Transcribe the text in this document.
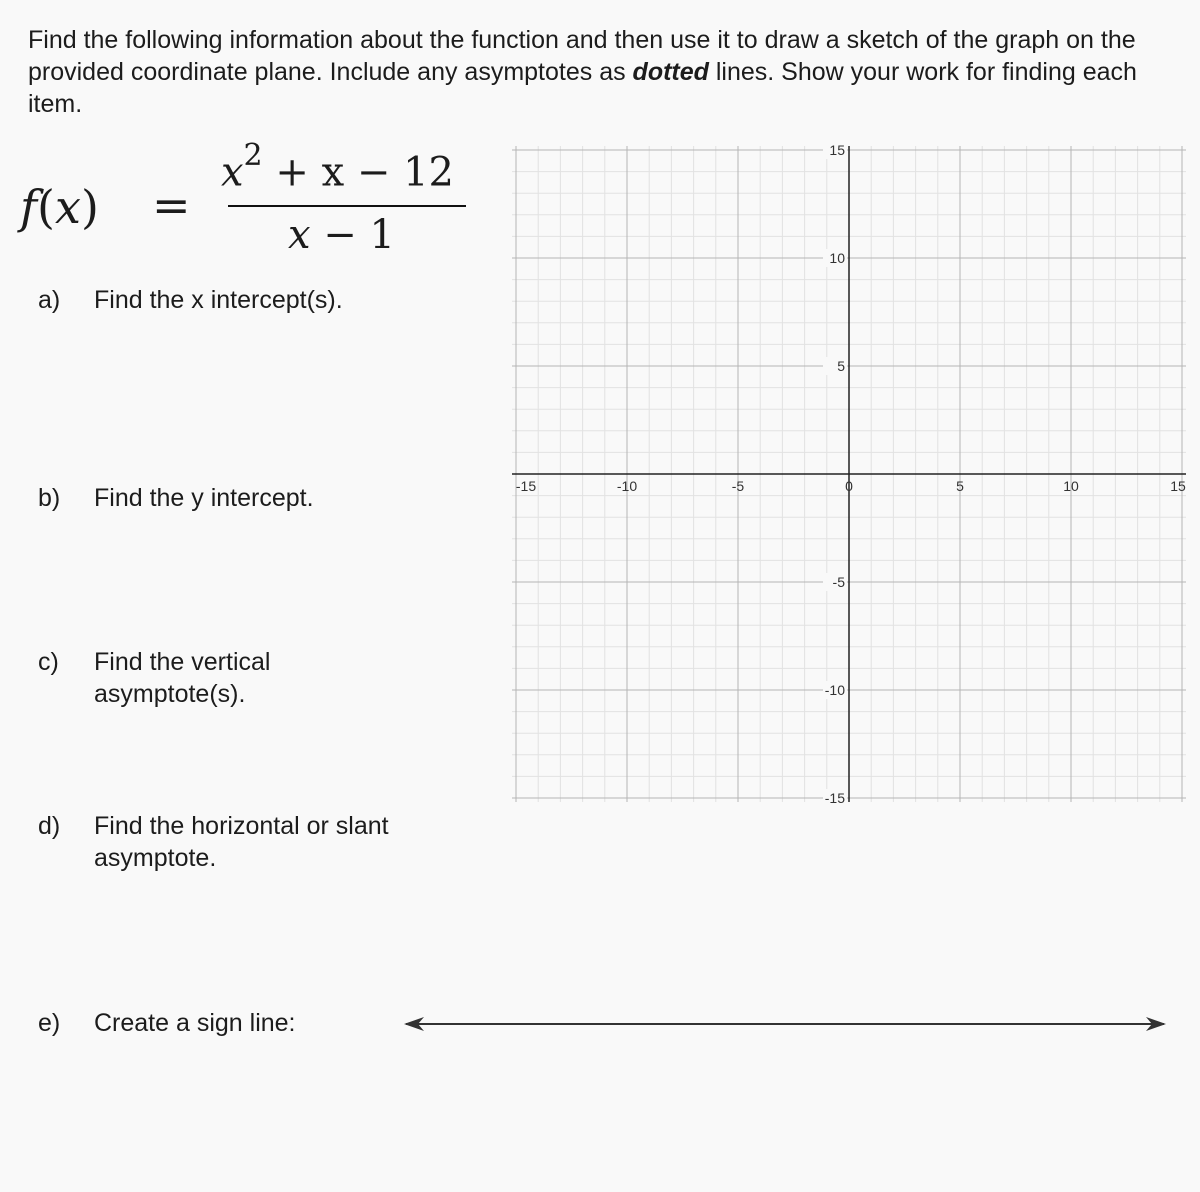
Find the following information about the function and then use it to draw a sketch of the graph on the provided coordinate plane. Include any asymptotes as dotted lines. Show your work for finding each item.

f(x) =
$x^2 + x - 12$
x − 1
a)	Find the x intercept(s).
b)	Find the y intercept.
c)	Find the vertical asymptote(s).
d)	Find the horizontal or slant asymptote.
e)	Create a sign line:
-15	-10	-5	0	5	10	15
15
10
5
-5
-10
-15
